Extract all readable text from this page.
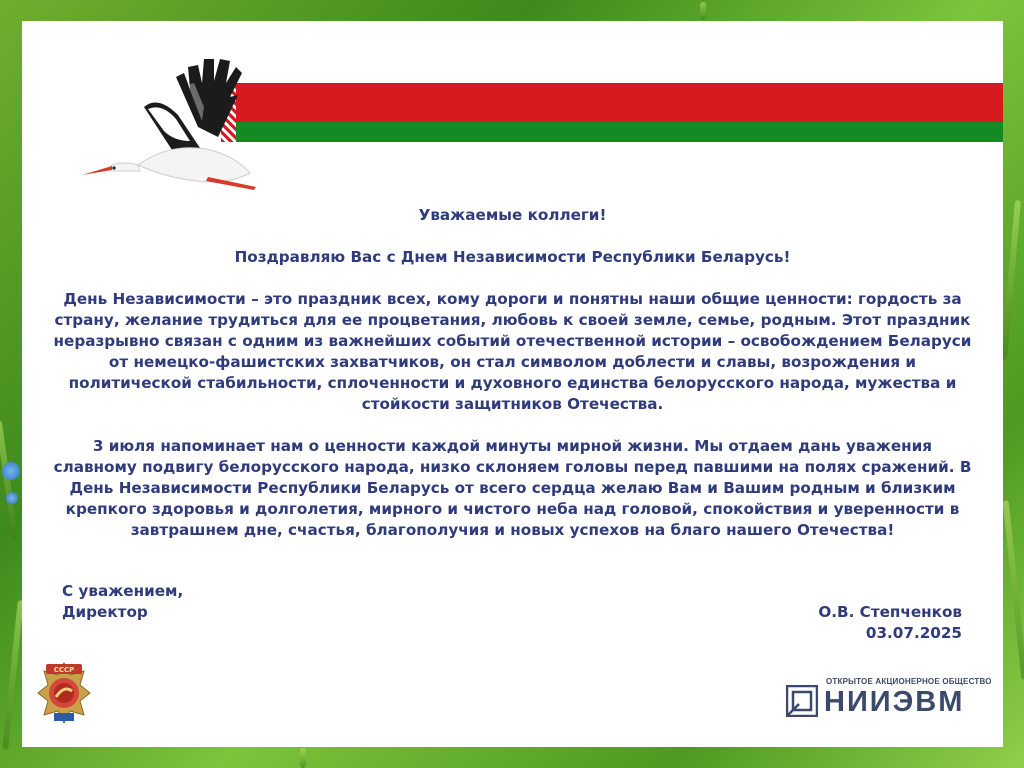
Уважаемые коллеги!

Поздравляю Вас с Днем Независимости Республики Беларусь!

День Независимости – это праздник всех, кому дороги и понятны наши общие ценности: гордость за страну, желание трудиться для ее процветания, любовь к своей земле, семье, родным. Этот праздник неразрывно связан с одним из важнейших событий отечественной истории – освобождением Беларуси от немецко-фашистских захватчиков, он стал символом доблести и славы, возрождения и политической стабильности, сплоченности и духовного единства белорусского народа, мужества и стойкости защитников Отечества.

3 июля напоминает нам о ценности каждой минуты мирной жизни. Мы отдаем дань уважения славному подвигу белорусского народа, низко склоняем головы перед павшими на полях сражений. В День Независимости Республики Беларусь от всего сердца желаю Вам и Вашим родным и близким крепкого здоровья и долголетия, мирного и чистого неба над головой, спокойствия и уверенности в завтрашнем дне, счастья, благополучия и новых успехов на благо нашего Отечества!

С уважением,
Директор	О.В. Степченков
03.07.2025
СССР
ОТКРЫТОЕ АКЦИОНЕРНОЕ ОБЩЕСТВО
НИИЭВМ
